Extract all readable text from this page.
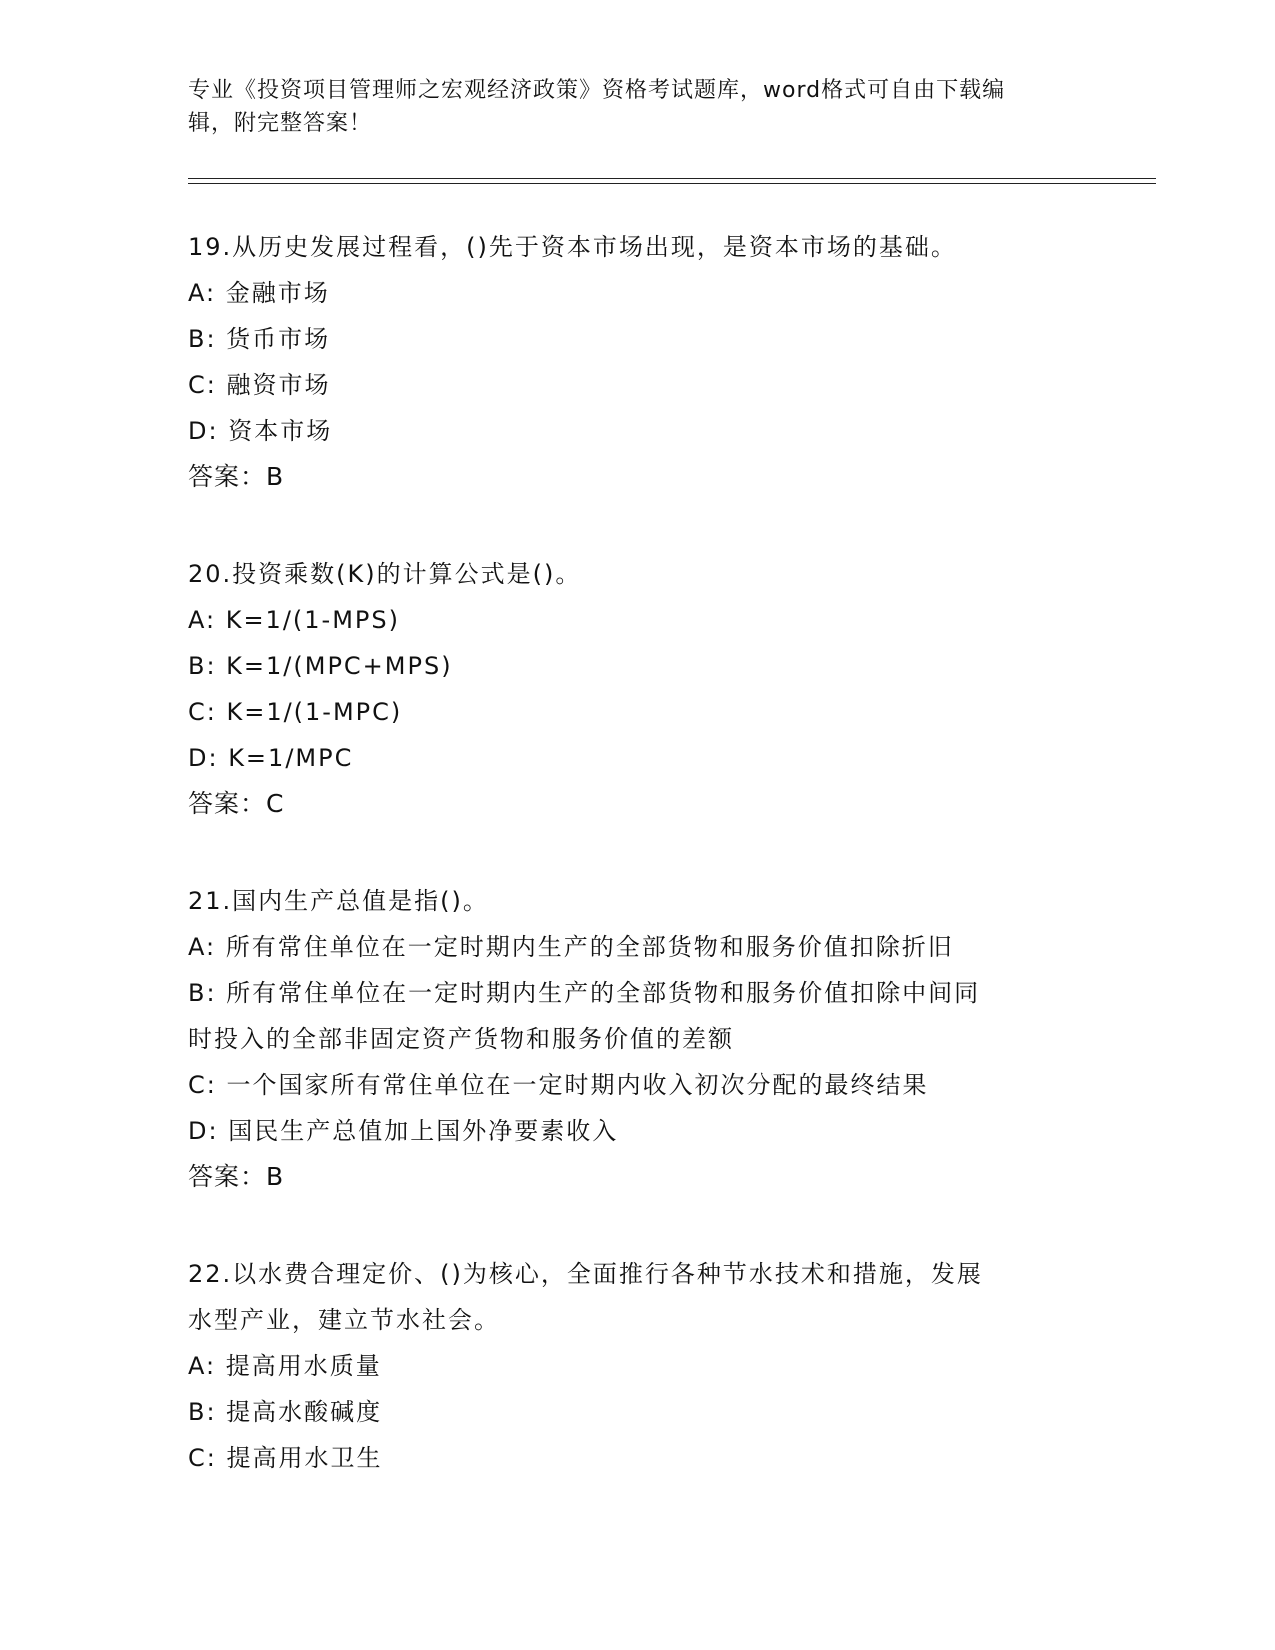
专业《投资项目管理师之宏观经济政策》资格考试题库，word格式可自由下载编
辑，附完整答案！
19.从历史发展过程看，()先于资本市场出现，是资本市场的基础。
A: 金融市场
B: 货币市场
C: 融资市场
D: 资本市场
答案：B
20.投资乘数(K)的计算公式是()。
A: K=1/(1-MPS)
B: K=1/(MPC+MPS)
C: K=1/(1-MPC)
D: K=1/MPC
答案：C
21.国内生产总值是指()。
A: 所有常住单位在一定时期内生产的全部货物和服务价值扣除折旧
B: 所有常住单位在一定时期内生产的全部货物和服务价值扣除中间同
时投入的全部非固定资产货物和服务价值的差额
C: 一个国家所有常住单位在一定时期内收入初次分配的最终结果
D: 国民生产总值加上国外净要素收入
答案：B
22.以水费合理定价、()为核心，全面推行各种节水技术和措施，发展
水型产业，建立节水社会。
A: 提高用水质量
B: 提高水酸碱度
C: 提高用水卫生
